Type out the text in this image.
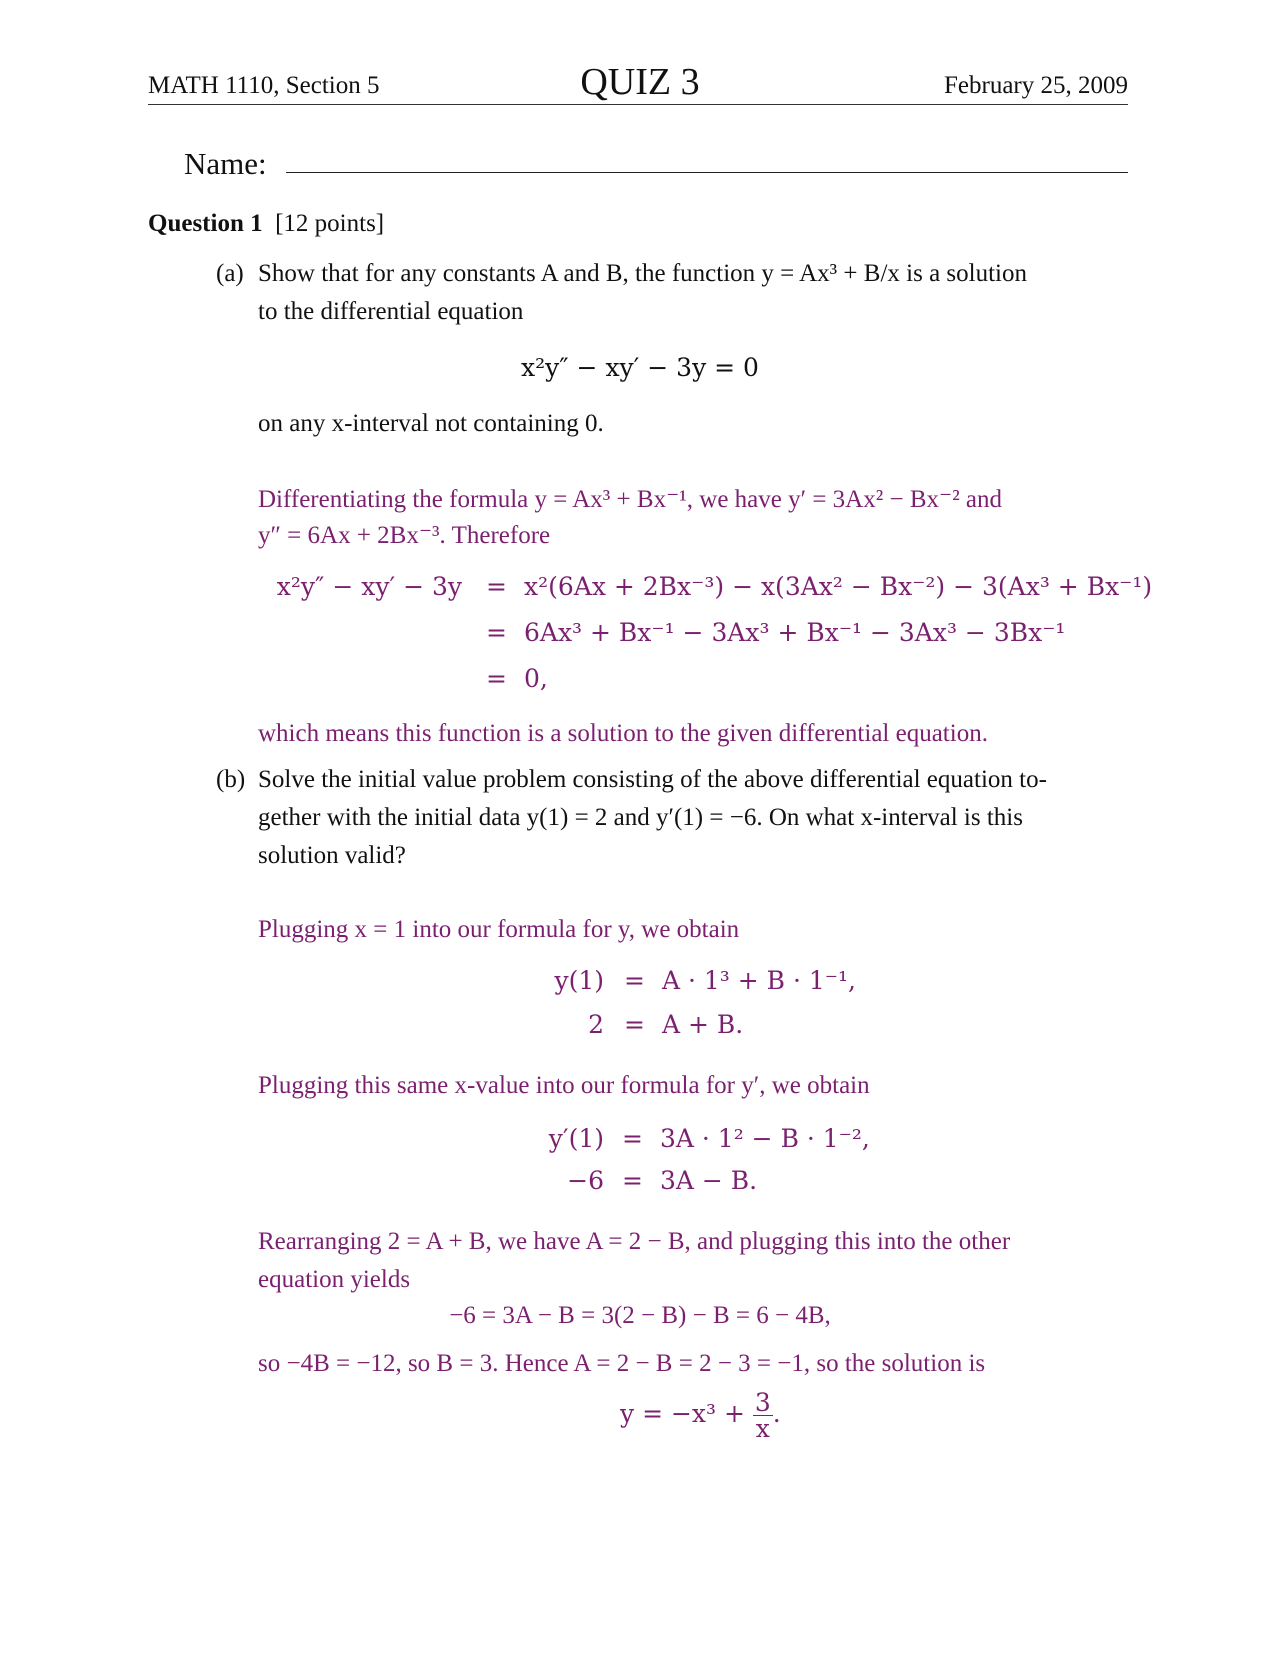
MATH 1110, Section 5	QUIZ 3	February 25, 2009
Name:
Question 1 [12 points]
(a) Show that for any constants A and B, the function y = Ax³ + B/x is a solution
to the differential equation
x²y″ − xy′ − 3y = 0
on any x-interval not containing 0.
Differentiating the formula y = Ax³ + Bx⁻¹, we have y′ = 3Ax² − Bx⁻² and
y″ = 6Ax + 2Bx⁻³. Therefore
x²y″ − xy′ − 3y = x²(6Ax + 2Bx⁻³) − x(3Ax² − Bx⁻²) − 3(Ax³ + Bx⁻¹)
= 6Ax³ + Bx⁻¹ − 3Ax³ + Bx⁻¹ − 3Ax³ − 3Bx⁻¹
= 0,
which means this function is a solution to the given differential equation.
(b) Solve the initial value problem consisting of the above differential equation to-
gether with the initial data y(1) = 2 and y′(1) = −6. On what x-interval is this
solution valid?
Plugging x = 1 into our formula for y, we obtain
y(1) = A · 1³ + B · 1⁻¹,
2 = A + B.
Plugging this same x-value into our formula for y′, we obtain
y′(1) = 3A · 1² − B · 1⁻²,
−6 = 3A − B.
Rearranging 2 = A + B, we have A = 2 − B, and plugging this into the other
equation yields
−6 = 3A − B = 3(2 − B) − B = 6 − 4B,
so −4B = −12, so B = 3. Hence A = 2 − B = 2 − 3 = −1, so the solution is
$y = -x^3 + \frac{3}{x}$ .
